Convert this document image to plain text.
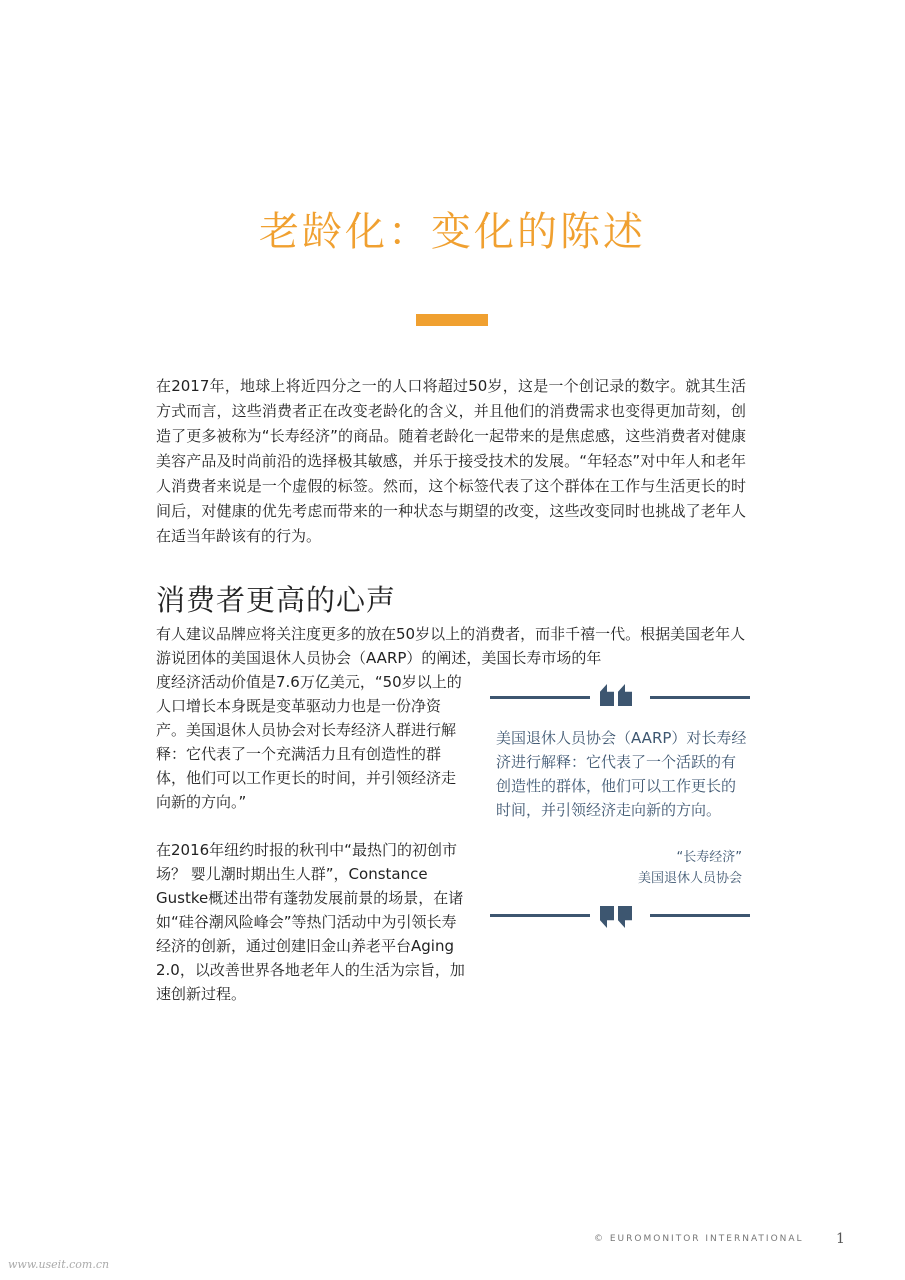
老龄化：变化的陈述

在2017年，地球上将近四分之一的人口将超过50岁，这是一个创记录的数字。就其生活方式而言，这些消费者正在改变老龄化的含义，并且他们的消费需求也变得更加苛刻，创造了更多被称为“长寿经济”的商品。随着老龄化一起带来的是焦虑感，这些消费者对健康美容产品及时尚前沿的选择极其敏感，并乐于接受技术的发展。“年轻态”对中年人和老年人消费者来说是一个虚假的标签。然而，这个标签代表了这个群体在工作与生活更长的时间后，对健康的优先考虑而带来的一种状态与期望的改变，这些改变同时也挑战了老年人在适当年龄该有的行为。

消费者更高的心声

有人建议品牌应将关注度更多的放在50岁以上的消费者，而非千禧一代。根据美国老年人游说团体的美国退休人员协会（AARP）的阐述，美国长寿市场的年

度经济活动价值是7.6万亿美元，“50岁以上的人口增长本身既是变革驱动力也是一份净资产。美国退休人员协会对长寿经济人群进行解释：它代表了一个充满活力且有创造性的群体，他们可以工作更长的时间，并引领经济走向新的方向。”

在2016年纽约时报的秋刊中“最热门的初创市场？ 婴儿潮时期出生人群”，Constance Gustke概述出带有蓬勃发展前景的场景，在诸如“硅谷潮风险峰会”等热门活动中为引领长寿经济的创新，通过创建旧金山养老平台Aging 2.0，以改善世界各地老年人的生活为宗旨，加速创新过程。

美国退休人员协会（AARP）对长寿经济进行解释：它代表了一个活跃的有创造性的群体，他们可以工作更长的时间，并引领经济走向新的方向。

“长寿经济”
美国退休人员协会
© EUROMONITOR INTERNATIONAL 1
www.useit.com.cn
